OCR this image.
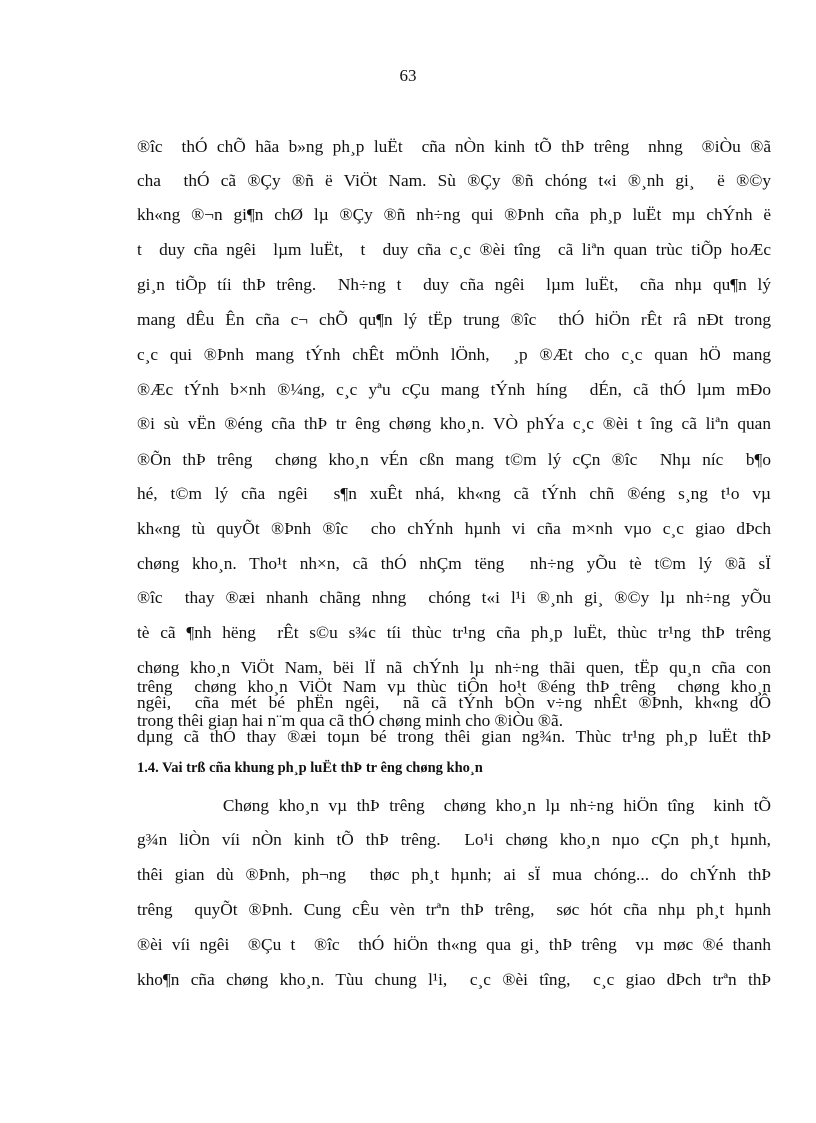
63
®îc  thÓ chÕ hãa b»ng ph¸p luËt  cña nÒn kinh tÕ thÞ trêng  nhng  ®iÒu ®ã
cha  thÓ cã ®Çy ®ñ ë ViÖt Nam. Sù ®Çy ®ñ chóng t«i ®¸nh gi¸  ë ®©y
kh«ng ®¬n gi¶n chØ lµ ®Çy ®ñ nh÷ng qui ®Þnh cña ph¸p luËt mµ chÝnh ë
t  duy cña ngêi  lµm luËt,  t  duy cña c¸c ®èi tîng  cã liªn quan trùc tiÕp hoÆc
gi¸n tiÕp tíi thÞ trêng.  Nh÷ng t  duy cña ngêi  lµm luËt,  cña nhµ qu¶n lý
mang dÊu Ên cña c¬ chÕ qu¶n lý tËp trung ®îc  thÓ hiÖn rÊt râ nÐt trong
c¸c qui ®Þnh mang tÝnh chÊt mÖnh lÖnh,  ¸p ®Æt cho c¸c quan hÖ mang
®Æc tÝnh b×nh ®¼ng, c¸c yªu cÇu mang tÝnh híng  dÉn, cã thÓ lµm mÐo
®i sù vËn ®éng cña thÞ tr êng chøng kho¸n. VÒ phÝa c¸c ®èi t îng cã liªn quan
®Õn thÞ trêng  chøng kho¸n vÉn cßn mang t©m lý cÇn ®îc  Nhµ níc  b¶o
hé, t©m lý cña ngêi  s¶n xuÊt nhá, kh«ng cã tÝnh chñ ®éng s¸ng t¹o vµ
kh«ng tù quyÕt ®Þnh ®îc  cho chÝnh hµnh vi cña m×nh vµo c¸c giao dÞch
chøng kho¸n. Tho¹t nh×n, cã thÓ nhÇm tëng  nh÷ng yÕu tè t©m lý ®ã sÏ
®îc  thay ®æi nhanh chãng nhng  chóng t«i l¹i ®¸nh gi¸ ®©y lµ nh÷ng yÕu
tè cã ¶nh hëng  rÊt s©u s¾c tíi thùc tr¹ng cña ph¸p luËt, thùc tr¹ng thÞ trêng
chøng kho¸n ViÖt Nam, bëi lÏ nã chÝnh lµ nh÷ng thãi quen, tËp qu¸n cña con
ngêi,  cña mét bé phËn ngêi,  nã cã tÝnh bÒn v÷ng nhÊt ®Þnh, kh«ng dÔ
dµng cã thÓ thay ®æi toµn bé trong thêi gian ng¾n. Thùc tr¹ng ph¸p luËt thÞ
trêng  chøng kho¸n ViÖt Nam vµ thùc tiÔn ho¹t ®éng thÞ trêng  chøng kho¸n
trong thêi gian hai n¨m qua cã thÓ chøng minh cho ®iÒu ®ã.
1.4. Vai trß cña khung ph¸p luËt thÞ tr êng chøng kho¸n
Chøng kho¸n vµ thÞ trêng  chøng kho¸n lµ nh÷ng hiÖn tîng  kinh tÕ
g¾n liÒn víi nÒn kinh tÕ thÞ trêng.  Lo¹i chøng kho¸n nµo cÇn ph¸t hµnh,
thêi gian dù ®Þnh, ph¬ng  thøc ph¸t hµnh; ai sÏ mua chóng... do chÝnh thÞ
trêng  quyÕt ®Þnh. Cung cÊu vèn trªn thÞ trêng,  søc hót cña nhµ ph¸t hµnh
®èi víi ngêi  ®Çu t  ®îc  thÓ hiÖn th«ng qua gi¸ thÞ trêng  vµ møc ®é thanh
kho¶n cña chøng kho¸n. Tùu chung l¹i,  c¸c ®èi tîng,  c¸c giao dÞch trªn thÞ
